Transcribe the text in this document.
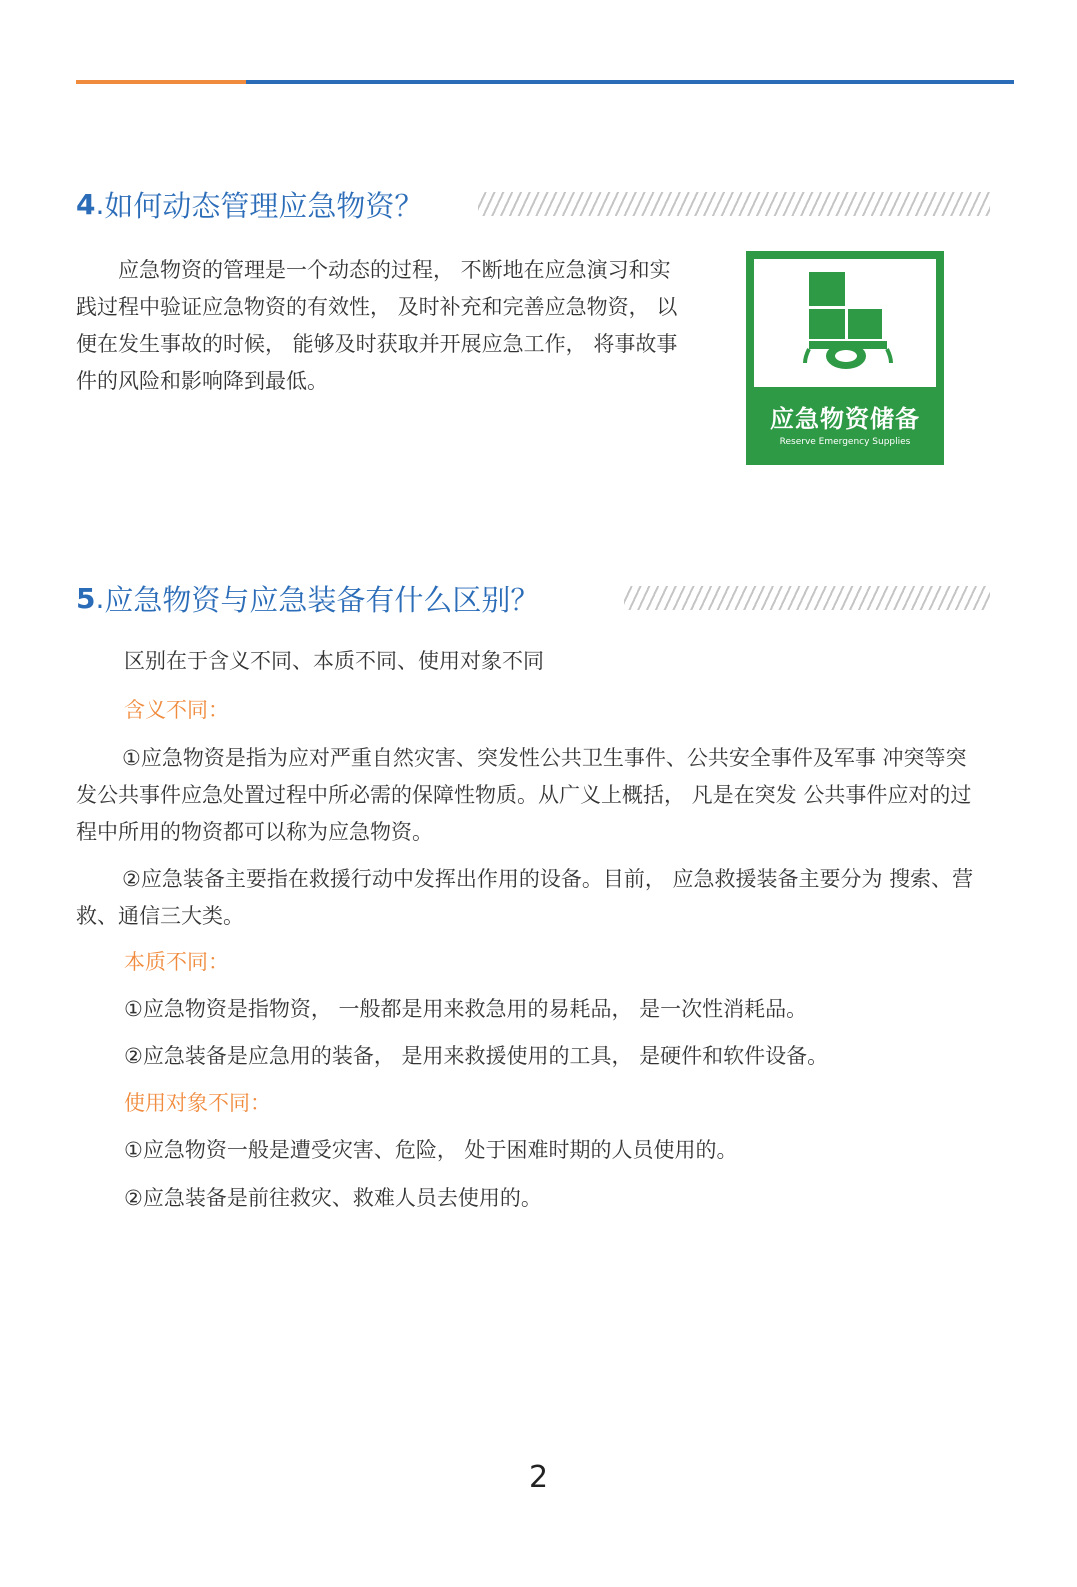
4 . 如何动态管理应急物资？

应急物资的管理是一个动态的过程， 不断地在应急演习和实践过程中验证应急物资的有效性， 及时补充和完善应急物资， 以便在发生事故的时候， 能够及时获取并开展应急工作， 将事故事件的风险和影响降到最低。

应急物资储备
Reserve Emergency Supplies
5 . 应急物资与应急装备有什么区别？
区别在于含义不同、本质不同、使用对象不同
含义不同：

①应急物资是指为应对严重自然灾害、突发性公共卫生事件、公共安全事件及军事 冲突等突发公共事件应急处置过程中所必需的保障性物质。从广义上概括， 凡是在突发 公共事件应对的过程中所用的物资都可以称为应急物资。

②应急装备主要指在救援行动中发挥出作用的设备。目前， 应急救援装备主要分为 搜索、营救、通信三大类。

本质不同：
①应急物资是指物资， 一般都是用来救急用的易耗品， 是一次性消耗品。
②应急装备是应急用的装备， 是用来救援使用的工具， 是硬件和软件设备。
使用对象不同：
①应急物资一般是遭受灾害、危险， 处于困难时期的人员使用的。
②应急装备是前往救灾、救难人员去使用的。
2
